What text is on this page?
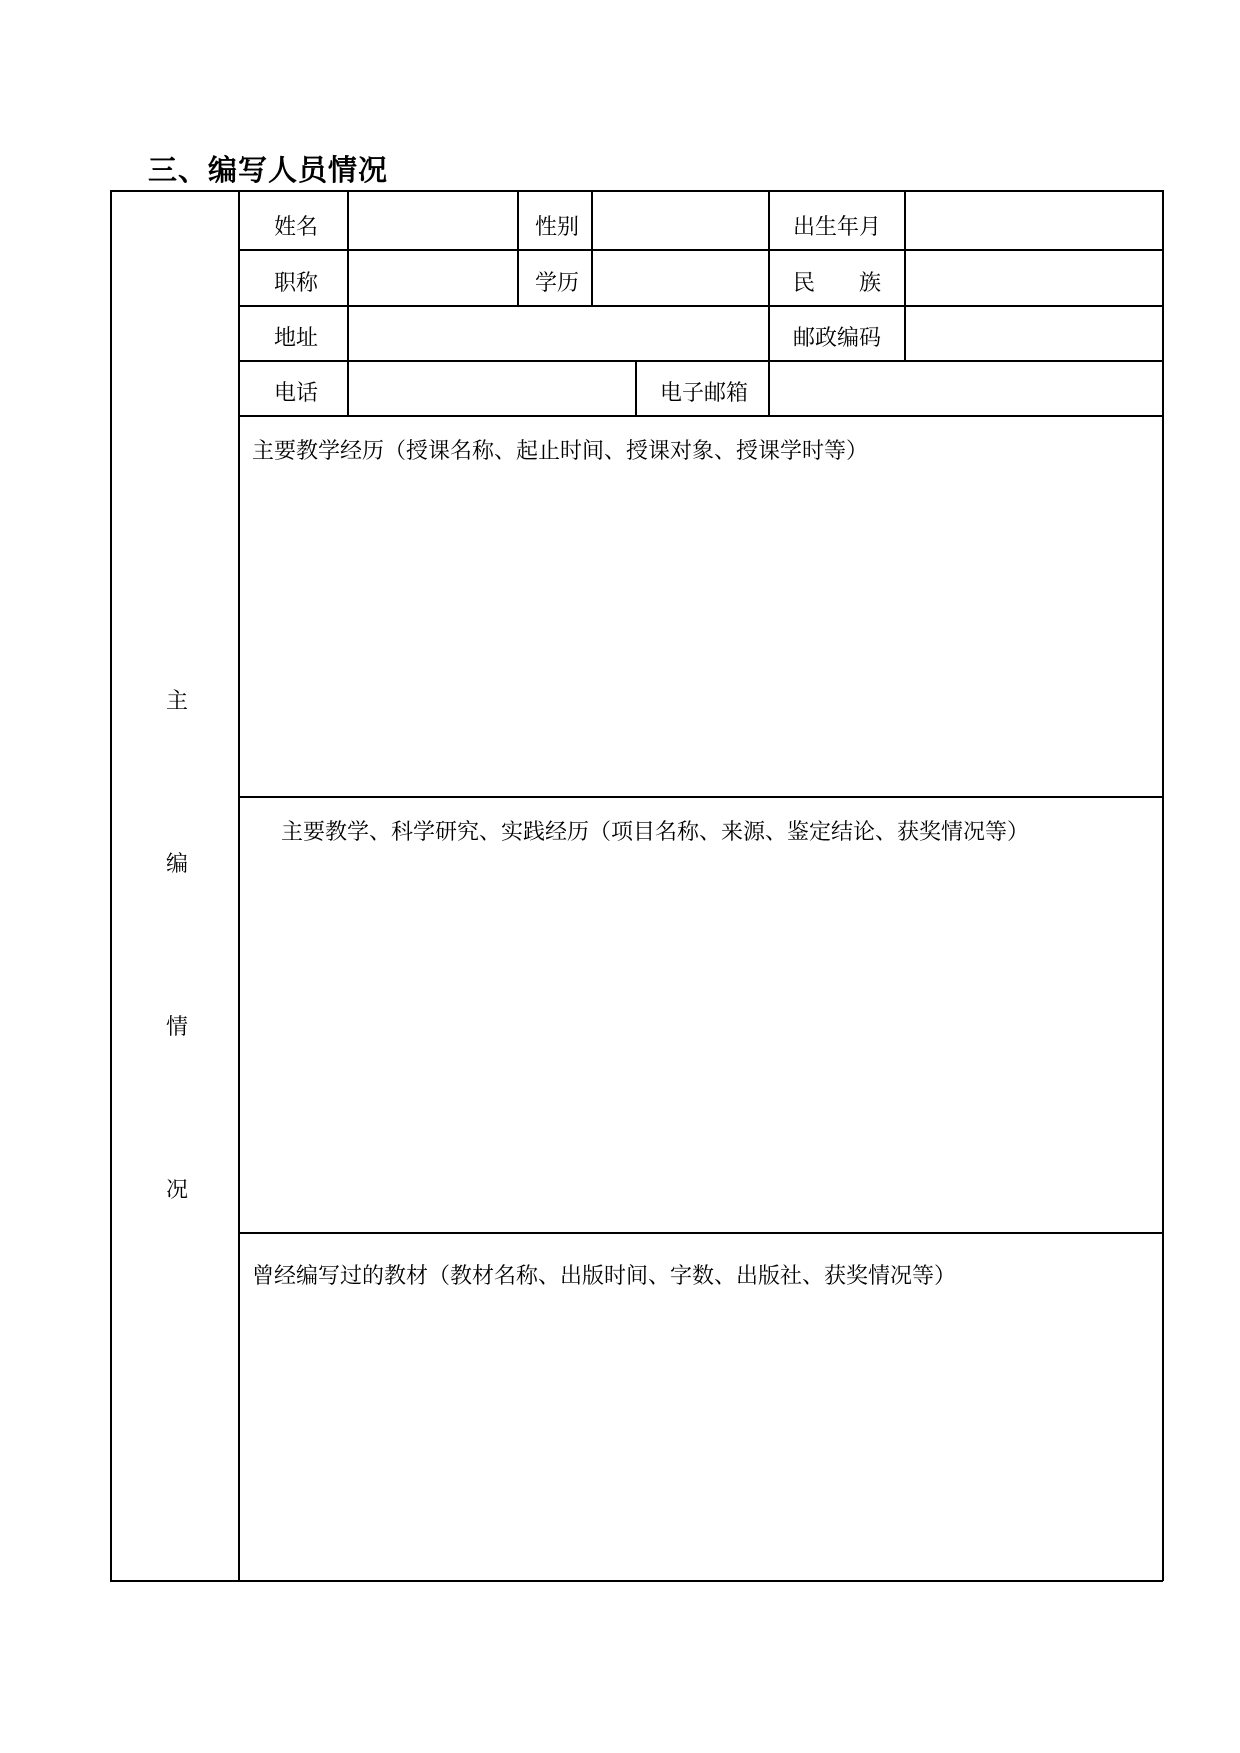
三、编写人员情况
主
编
情
况
姓名	性别	出生年月
职称	学历	民　　族
地址	邮政编码
电话	电子邮箱
主要教学经历（授课名称、起止时间、授课对象、授课学时等）
主要教学、科学研究、实践经历（项目名称、来源、鉴定结论、获奖情况等）
曾经编写过的教材（教材名称、出版时间、字数、出版社、获奖情况等）
